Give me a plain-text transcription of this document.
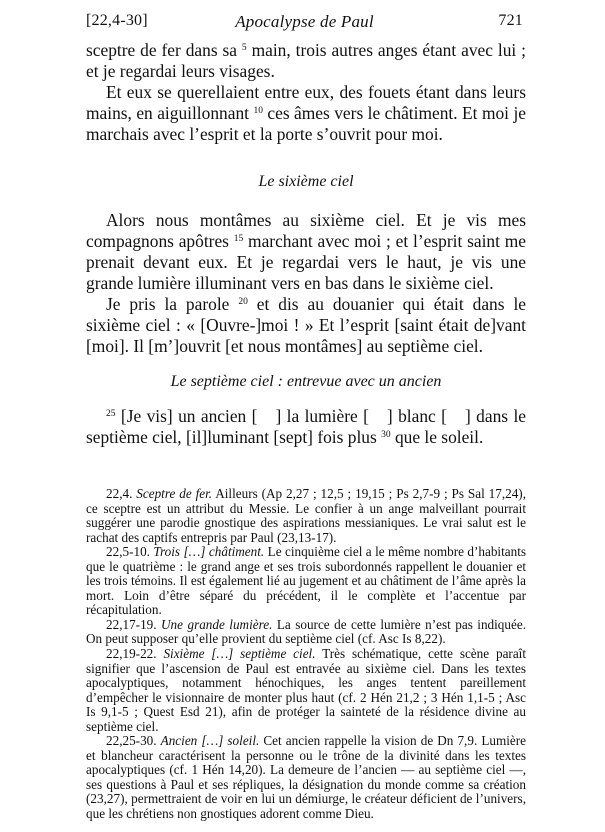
[22,4-30]	Apocalypse de Paul	721

sceptre de fer dans sa $^5$ main, trois autres anges étant avec lui ; et je regardai leurs visages.

Et eux se querellaient entre eux, des fouets étant dans leurs mains, en aiguillonnant $^{10}$ ces âmes vers le châtiment. Et moi je marchais avec l’esprit et la porte s’ouvrit pour moi.

Le sixième ciel

Alors nous montâmes au sixième ciel. Et je vis mes compagnons apôtres $^{15}$ marchant avec moi ; et l’esprit saint me prenait devant eux. Et je regardai vers le haut, je vis une grande lumière illuminant vers en bas dans le sixième ciel.

Je pris la parole $^{20}$ et dis au douanier qui était dans le sixième ciel : « [Ouvre-]moi ! » Et l’esprit [saint était de]vant [moi]. Il [m’]ouvrit [et nous montâmes] au septième ciel.

Le septième ciel : entrevue avec un ancien

$^{25}$ [Je vis] un ancien [ ] la lumière [ ] blanc [ ] dans le septième ciel, [il]luminant [sept] fois plus $^{30}$ que le soleil.

22,4. Sceptre de fer. Ailleurs (Ap 2,27 ; 12,5 ; 19,15 ; Ps 2,7-9 ; Ps Sal 17,24), ce sceptre est un attribut du Messie. Le confier à un ange malveillant pourrait suggérer une parodie gnostique des aspirations messianiques. Le vrai salut est le rachat des captifs entrepris par Paul (23,13-17).

22,5-10. Trois […] châtiment. Le cinquième ciel a le même nombre d’habitants que le quatrième : le grand ange et ses trois subordonnés rappellent le douanier et les trois témoins. Il est également lié au jugement et au châtiment de l’âme après la mort. Loin d’être séparé du précédent, il le complète et l’accentue par récapitulation.

22,17-19. Une grande lumière. La source de cette lumière n’est pas indiquée. On peut supposer qu’elle provient du septième ciel (cf. Asc Is 8,22).

22,19-22. Sixième […] septième ciel. Très schématique, cette scène paraît signifier que l’ascension de Paul est entravée au sixième ciel. Dans les textes apocalyptiques, notamment hénochiques, les anges tentent pareillement d’empêcher le visionnaire de monter plus haut (cf. 2 Hén 21,2 ; 3 Hén 1,1-5 ; Asc Is 9,1-5 ; Quest Esd 21), afin de protéger la sainteté de la résidence divine au septième ciel.

22,25-30. Ancien […] soleil. Cet ancien rappelle la vision de Dn 7,9. Lumière et blancheur caractérisent la personne ou le trône de la divinité dans les textes apocalyptiques (cf. 1 Hén 14,20). La demeure de l’ancien — au septième ciel —, ses questions à Paul et ses répliques, la désignation du monde comme sa création (23,27), permettraient de voir en lui un démiurge, le créateur déficient de l’univers, que les chrétiens non gnostiques adorent comme Dieu.
